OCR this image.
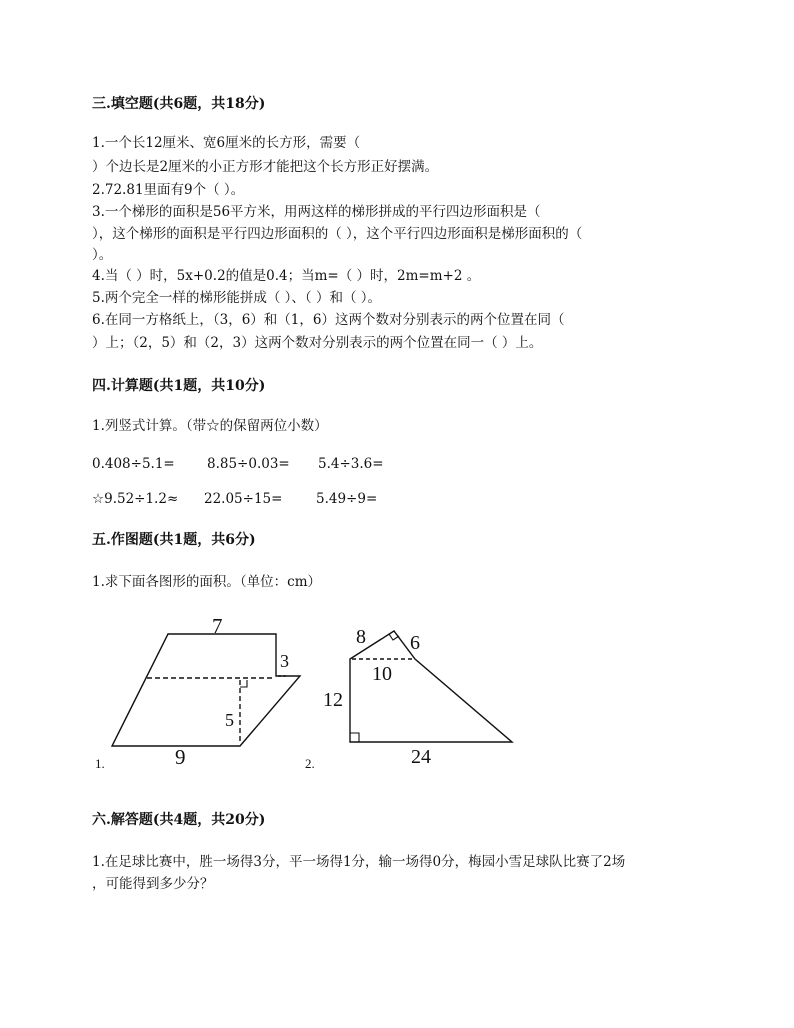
三.填空题(共6题，共18分)
1.一个长12厘米、宽6厘米的长方形，需要（
）个边长是2厘米的小正方形才能把这个长方形正好摆满。
2.72.81里面有9个（ ）。
3.一个梯形的面积是56平方米，用两这样的梯形拼成的平行四边形面积是（
），这个梯形的面积是平行四边形面积的（ ），这个平行四边形面积是梯形面积的（
）。
4.当（ ）时，5x+0.2的值是0.4；当m=（ ）时，2m=m+2 。
5.两个完全一样的梯形能拼成（ ）、（ ）和（ ）。
6.在同一方格纸上，（3，6）和（1，6）这两个数对分别表示的两个位置在同（
）上；（2，5）和（2，3）这两个数对分别表示的两个位置在同一（ ）上。
四.计算题(共1题，共10分)
1.列竖式计算。（带☆的保留两位小数）
0.408÷5.1= 8.85÷0.03= 5.4÷3.6=
☆9.52÷1.2≈ 22.05÷15= 5.49÷9=
五.作图题(共1题，共6分)
1.求下面各图形的面积。（单位：cm）
7
3
5
9
1.
8 6
10
12
24
2.
六.解答题(共4题，共20分)
1.在足球比赛中，胜一场得3分，平一场得1分，输一场得0分，梅园小雪足球队比赛了2场
，可能得到多少分？
